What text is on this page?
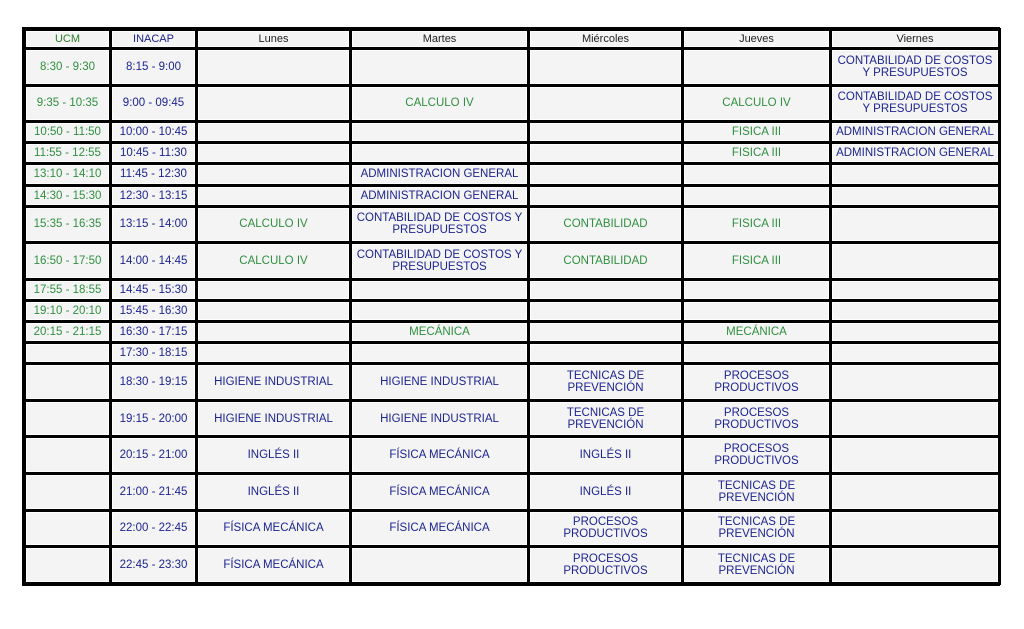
UCM	INACAP	Lunes	Martes	Miércoles	Jueves	Viernes
8:30 - 9:30	8:15 - 9:00					CONTABILIDAD DE COSTOS Y PRESUPUESTOS

9:35 - 10:35	9:00 - 09:45		CALCULO IV		CALCULO IV	CONTABILIDAD DE COSTOS Y PRESUPUESTOS

10:50 - 11:50	10:00 - 10:45				FISICA III	ADMINISTRACION GENERAL

11:55 - 12:55	10:45 - 11:30				FISICA III	ADMINISTRACION GENERAL

13:10 - 14:10	11:45 - 12:30		ADMINISTRACION GENERAL			

14:30 - 15:30	12:30 - 13:15		ADMINISTRACION GENERAL			

15:35 - 16:35	13:15 - 14:00	CALCULO IV	CONTABILIDAD DE COSTOS Y PRESUPUESTOS	CONTABILIDAD	FISICA III	

16:50 - 17:50	14:00 - 14:45	CALCULO IV	CONTABILIDAD DE COSTOS Y PRESUPUESTOS	CONTABILIDAD	FISICA III	

17:55 - 18:55	14:45 - 15:30	

19:10 - 20:10	15:45 - 16:30	

20:15 - 21:15	16:30 - 17:15		MECÁNICA		MECÁNICA	

	17:30 - 18:15	

	18:30 - 19:15	HIGIENE INDUSTRIAL	HIGIENE INDUSTRIAL	TECNICAS DE PREVENCIÓN	PROCESOS PRODUCTIVOS	

	19:15 - 20:00	HIGIENE INDUSTRIAL	HIGIENE INDUSTRIAL	TECNICAS DE PREVENCIÓN	PROCESOS PRODUCTIVOS	

	20:15 - 21:00	INGLÉS II	FÍSICA MECÁNICA	INGLÉS II	PROCESOS PRODUCTIVOS	

	21:00 - 21:45	INGLÉS II	FÍSICA MECÁNICA	INGLÉS II	TECNICAS DE PREVENCIÓN	

	22:00 - 22:45	FÍSICA MECÁNICA	FÍSICA MECÁNICA	PROCESOS PRODUCTIVOS	TECNICAS DE PREVENCIÓN	

	22:45 - 23:30	FÍSICA MECÁNICA		PROCESOS PRODUCTIVOS	TECNICAS DE PREVENCIÓN	
